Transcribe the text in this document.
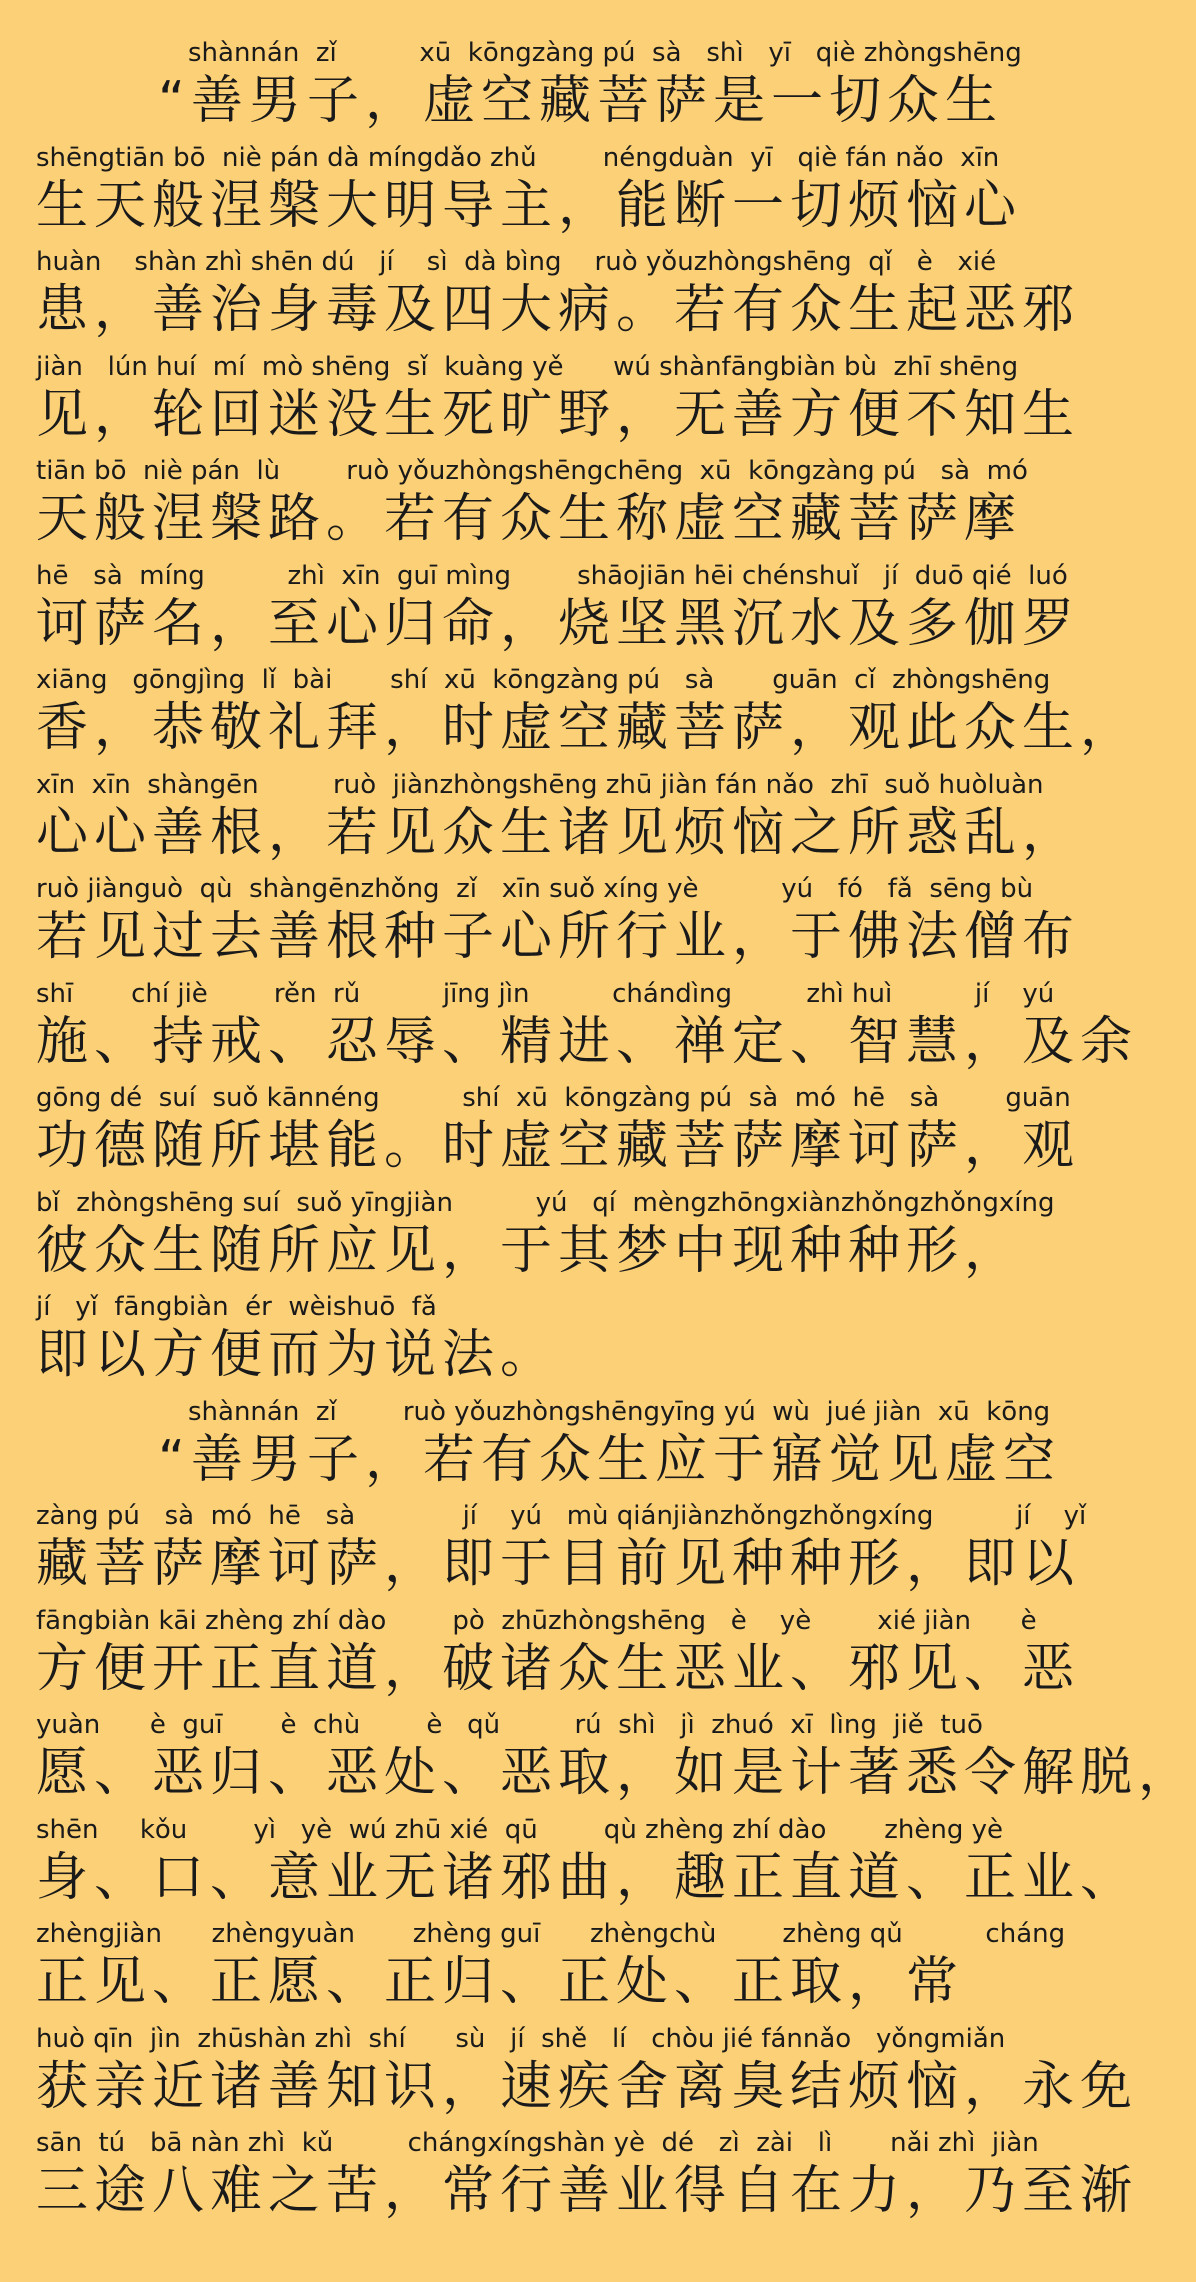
shànnán  zǐ          xū  kōngzàng pú  sà   shì   yī   qiè zhòngshēng
“善男子，虚空藏菩萨是一切众生
shēngtiān bō  niè pán dà míngdǎo zhǔ        néngduàn  yī   qiè fán nǎo  xīn
生天般涅槃大明导主，能断一切烦恼心
huàn    shàn zhì shēn dú   jí    sì  dà bìng    ruò yǒuzhòngshēng  qǐ   è   xié
患，善治身毒及四大病。若有众生起恶邪
jiàn   lún huí  mí  mò shēng  sǐ  kuàng yě      wú shànfāngbiàn bù  zhī shēng
见，轮回迷没生死旷野，无善方便不知生
tiān bō  niè pán  lù        ruò yǒuzhòngshēngchēng  xū  kōngzàng pú   sà  mó
天般涅槃路。若有众生称虚空藏菩萨摩
hē   sà  míng          zhì  xīn  guī mìng        shāojiān hēi chénshuǐ   jí  duō qié  luó
诃萨名，至心归命，烧坚黑沉水及多伽罗
xiāng   gōngjìng  lǐ  bài       shí  xū  kōngzàng pú   sà       guān  cǐ  zhòngshēng
香，恭敬礼拜，时虚空藏菩萨，观此众生，
xīn  xīn  shàngēn         ruò  jiànzhòngshēng zhū jiàn fán nǎo  zhī  suǒ huòluàn
心心善根，若见众生诸见烦恼之所惑乱，
ruò jiànguò  qù  shàngēnzhǒng  zǐ   xīn suǒ xíng yè          yú   fó   fǎ  sēng bù
若见过去善根种子心所行业，于佛法僧布
shī       chí jiè        rěn  rǔ          jīng jìn          chándìng         zhì huì          jí    yú
施、持戒、忍辱、精进、禅定、智慧，及余
gōng dé  suí  suǒ kānnéng          shí  xū  kōngzàng pú  sà  mó  hē   sà        guān
功德随所堪能。时虚空藏菩萨摩诃萨，观
bǐ  zhòngshēng suí  suǒ yīngjiàn          yú   qí  mèngzhōngxiànzhǒngzhǒngxíng
彼众生随所应见，于其梦中现种种形，
jí   yǐ  fāngbiàn  ér  wèishuō  fǎ
即以方便而为说法。
shànnán  zǐ        ruò yǒuzhòngshēngyīng yú  wù  jué jiàn  xū  kōng
“善男子，若有众生应于寤觉见虚空
zàng pú   sà  mó  hē   sà             jí    yú   mù qiánjiànzhǒngzhǒngxíng          jí    yǐ
藏菩萨摩诃萨，即于目前见种种形，即以
fāngbiàn kāi zhèng zhí dào        pò  zhūzhòngshēng   è    yè        xié jiàn      è
方便开正直道，破诸众生恶业、邪见、恶
yuàn      è  guī       è  chù        è   qǔ         rú  shì   jì  zhuó  xī  lìng  jiě  tuō
愿、恶归、恶处、恶取，如是计著悉令解脱，
shēn     kǒu        yì   yè  wú zhū xié  qū        qù zhèng zhí dào       zhèng yè
身、口、意业无诸邪曲，趣正直道、正业、
zhèngjiàn      zhèngyuàn       zhèng guī      zhèngchù        zhèng qǔ          cháng
正见、正愿、正归、正处、正取，常
huò qīn  jìn  zhūshàn zhì  shí      sù   jí  shě   lí   chòu jié fánnǎo   yǒngmiǎn
获亲近诸善知识，速疾舍离臭结烦恼，永免
sān  tú   bā nàn zhì  kǔ         chángxíngshàn yè  dé   zì  zài   lì       nǎi zhì  jiàn
三途八难之苦，常行善业得自在力，乃至渐
